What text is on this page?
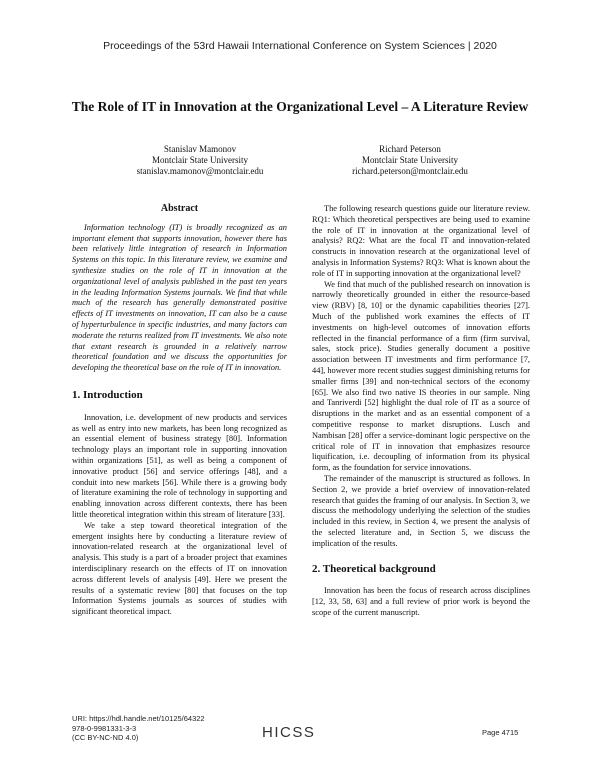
Proceedings of the 53rd Hawaii International Conference on System Sciences | 2020
The Role of IT in Innovation at the Organizational Level – A Literature Review
Stanislav Mamonov
Montclair State University
stanislav.mamonov@montclair.edu
Richard Peterson
Montclair State University
richard.peterson@montclair.edu
Abstract

Information technology (IT) is broadly recognized as an important element that supports innovation, however there has been relatively little integration of research in Information Systems on this topic. In this literature review, we examine and synthesize studies on the role of IT in innovation at the organizational level of analysis published in the past ten years in the leading Information Systems journals. We find that while much of the research has generally demonstrated positive effects of IT investments on innovation, IT can also be a cause of hyperturbulence in specific industries, and many factors can moderate the returns realized from IT investments. We also note that extant research is grounded in a relatively narrow theoretical foundation and we discuss the opportunities for developing the theoretical base on the role of IT in innovation.

1. Introduction

Innovation, i.e. development of new products and services as well as entry into new markets, has been long recognized as an essential element of business strategy [80]. Information technology plays an important role in supporting innovation within organizations [51], as well as being a component of innovative product [56] and service offerings [48], and a conduit into new markets [56]. While there is a growing body of literature examining the role of technology in supporting and enabling innovation across different contexts, there has been little theoretical integration within this stream of literature [33].

We take a step toward theoretical integration of the emergent insights here by conducting a literature review of innovation-related research at the organizational level of analysis. This study is a part of a broader project that examines interdisciplinary research on the effects of IT on innovation across different levels of analysis [49]. Here we present the results of a systematic review [80] that focuses on the top Information Systems journals as sources of studies with significant theoretical impact.

The following research questions guide our literature review. RQ1: Which theoretical perspectives are being used to examine the role of IT in innovation at the organizational level of analysis? RQ2: What are the focal IT and innovation-related constructs in innovation research at the organizational level of analysis in Information Systems? RQ3: What is known about the role of IT in supporting innovation at the organizational level?

We find that much of the published research on innovation is narrowly theoretically grounded in either the resource-based view (RBV) [8, 10] or the dynamic capabilities theories [27]. Much of the published work examines the effects of IT investments on high-level outcomes of innovation efforts reflected in the financial performance of a firm (firm survival, sales, stock price). Studies generally document a positive association between IT investments and firm performance [7, 44], however more recent studies suggest diminishing returns for smaller firms [39] and non-technical sectors of the economy [65]. We also find two native IS theories in our sample. Ning and Tanriverdi [52] highlight the dual role of IT as a source of disruptions in the market and as an essential component of a competitive response to market disruptions. Lusch and Nambisan [28] offer a service-dominant logic perspective on the critical role of IT in innovation that emphasizes resource liquification, i.e. decoupling of information from its physical form, as the foundation for service innovations.

The remainder of the manuscript is structured as follows. In Section 2, we provide a brief overview of innovation-related research that guides the framing of our analysis. In Section 3, we discuss the methodology underlying the selection of the studies included in this review, in Section 4, we present the analysis of the selected literature and, in Section 5, we discuss the implication of the results.

2. Theoretical background

Innovation has been the focus of research across disciplines [12, 33, 58, 63] and a full review of prior work is beyond the scope of the current manuscript.

URI: https://hdl.handle.net/10125/64322
978-0-9981331-3-3
(CC BY-NC-ND 4.0)	HICSS	Page 4715
